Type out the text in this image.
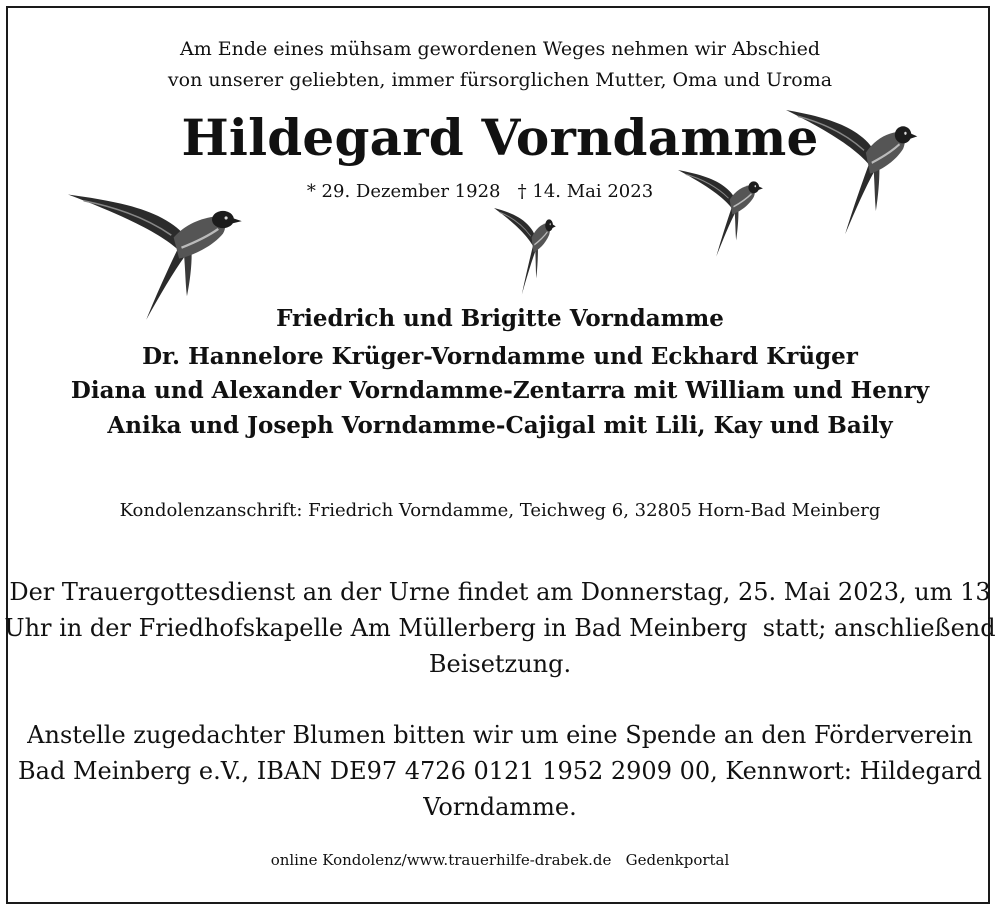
Am Ende eines mühsam gewordenen Weges nehmen wir Abschied
von unserer geliebten, immer fürsorglichen Mutter, Oma und Uroma
Hildegard Vorndamme
* 29. Dezember 1928   † 14. Mai 2023
Friedrich und Brigitte Vorndamme
Dr. Hannelore Krüger-Vorndamme und Eckhard Krüger
Diana und Alexander Vorndamme-Zentarra mit William und Henry
Anika und Joseph Vorndamme-Cajigal mit Lili, Kay und Baily
Kondolenzanschrift: Friedrich Vorndamme, Teichweg 6, 32805 Horn-Bad Meinberg
Der Trauergottesdienst an der Urne findet am Donnerstag, 25. Mai 2023, um 13
Uhr in der Friedhofskapelle Am Müllerberg in Bad Meinberg  statt; anschließend
Beisetzung.
Anstelle zugedachter Blumen bitten wir um eine Spende an den Förderverein
Bad Meinberg e.V., IBAN DE97 4726 0121 1952 2909 00, Kennwort: Hildegard
Vorndamme.
online Kondolenz/www.trauerhilfe-drabek.de   Gedenkportal
